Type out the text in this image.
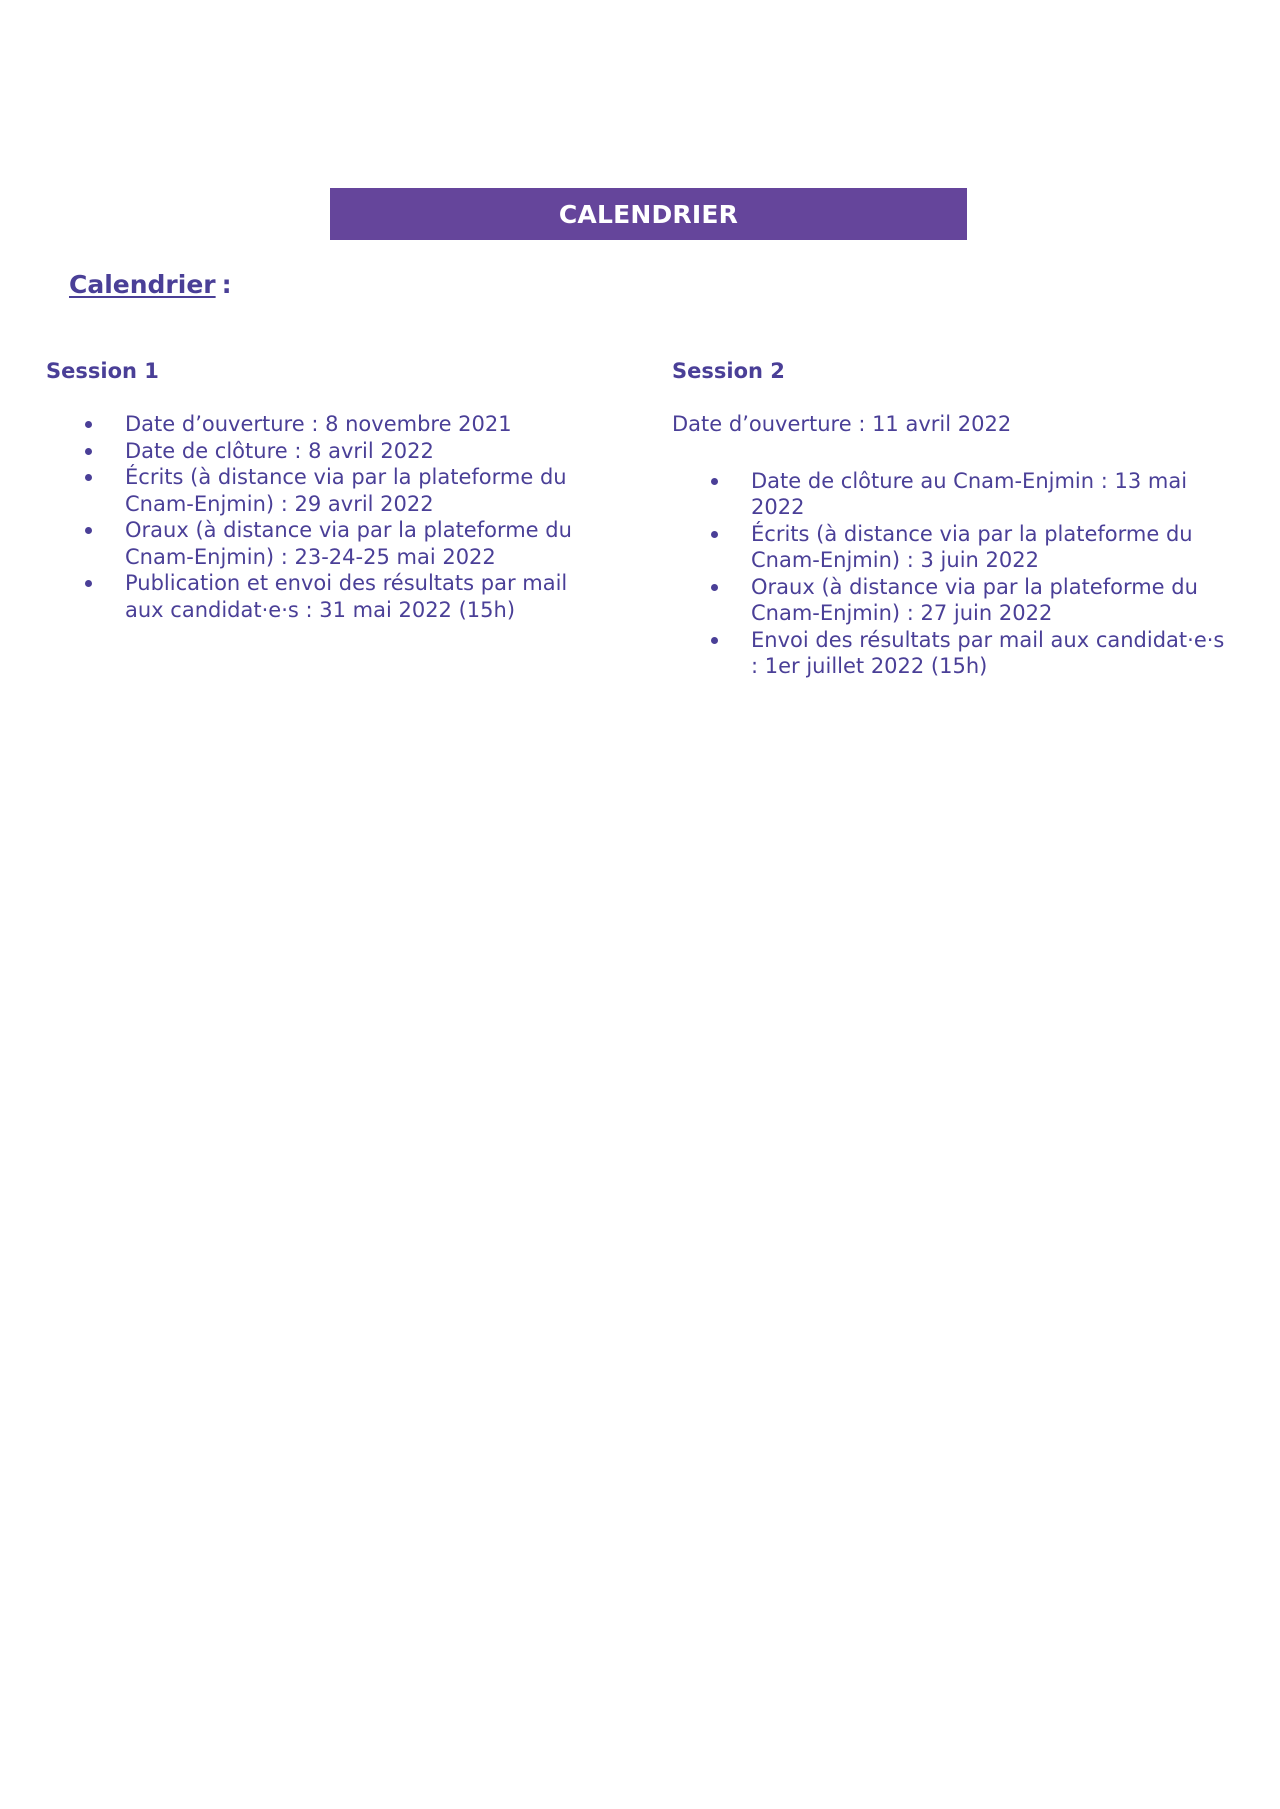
CALENDRIER
Calendrier :
Session 1
Date d’ouverture : 8 novembre 2021
Date de clôture : 8 avril 2022
Écrits (à distance via par la plateforme du Cnam-Enjmin) : 29 avril 2022
Oraux (à distance via par la plateforme du Cnam-Enjmin) : 23-24-25 mai 2022
Publication et envoi des résultats par mail aux candidat·e·s : 31 mai 2022 (15h)
Session 2
Date d’ouverture : 11 avril 2022
Date de clôture au Cnam-Enjmin : 13 mai 2022
Écrits (à distance via par la plateforme du Cnam-Enjmin) : 3 juin 2022
Oraux (à distance via par la plateforme du Cnam-Enjmin) : 27 juin 2022
Envoi des résultats par mail aux candidat·e·s : 1er juillet 2022 (15h)
